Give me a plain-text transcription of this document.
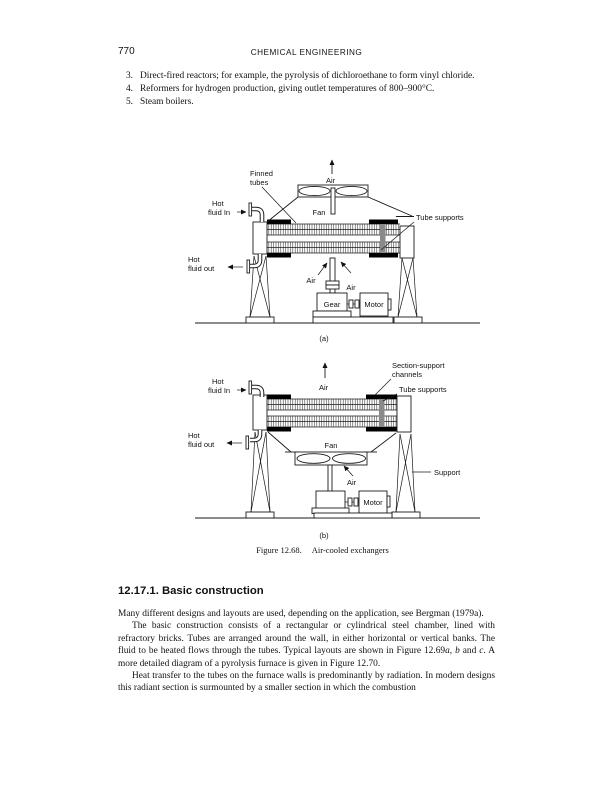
770	CHEMICAL ENGINEERING
3. Direct-fired reactors; for example, the pyrolysis of dichloroethane to form vinyl chloride.
4. Reformers for hydrogen production, giving outlet temperatures of 800–900°C.
5. Steam boilers.
Air
Fan
Finned
tubes
Tube supports
Hot
fluid In
Hot
fluid out
Air
Air
Gear	Motor
(a)
Air
Section-support
channels
Tube supports
Hot
fluid In
Hot
fluid out	Fan
Air
Motor
Support
(b)
Figure 12.68. Air-cooled exchangers
12.17.1. Basic construction

Many different designs and layouts are used, depending on the application, see Bergman (1979a).

The basic construction consists of a rectangular or cylindrical steel chamber, lined with refractory bricks. Tubes are arranged around the wall, in either horizontal or vertical banks. The fluid to be heated flows through the tubes. Typical layouts are shown in Figure 12.69a, b and c. A more detailed diagram of a pyrolysis furnace is given in Figure 12.70.

Heat transfer to the tubes on the furnace walls is predominantly by radiation. In modern designs this radiant section is surmounted by a smaller section in which the combustion
